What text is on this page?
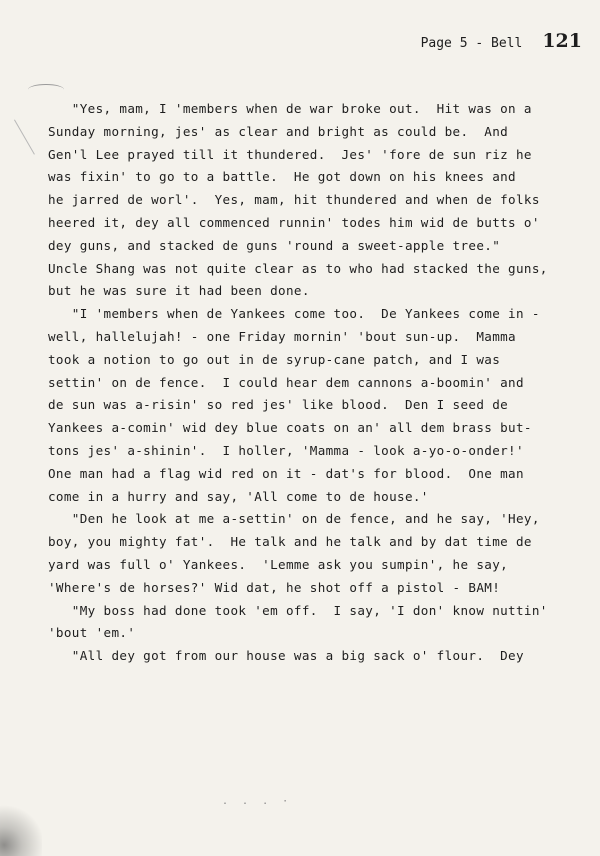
Page 5 - Bell 121
"Yes, mam, I 'members when de war broke out.  Hit was on a
Sunday morning, jes' as clear and bright as could be.  And
Gen'l Lee prayed till it thundered.  Jes' 'fore de sun riz he
was fixin' to go to a battle.  He got down on his knees and
he jarred de worl'.  Yes, mam, hit thundered and when de folks
heered it, dey all commenced runnin' todes him wid de butts o'
dey guns, and stacked de guns 'round a sweet-apple tree."
Uncle Shang was not quite clear as to who had stacked the guns,
but he was sure it had been done.
"I 'members when de Yankees come too.  De Yankees come in -
well, hallelujah! - one Friday mornin' 'bout sun-up.  Mamma
took a notion to go out in de syrup-cane patch, and I was
settin' on de fence.  I could hear dem cannons a-boomin' and
de sun was a-risin' so red jes' like blood.  Den I seed de
Yankees a-comin' wid dey blue coats on an' all dem brass but-
tons jes' a-shinin'.  I holler, 'Mamma - look a-yo-o-onder!'
One man had a flag wid red on it - dat's for blood.  One man
come in a hurry and say, 'All come to de house.'
"Den he look at me a-settin' on de fence, and he say, 'Hey,
boy, you mighty fat'.  He talk and he talk and by dat time de
yard was full o' Yankees.  'Lemme ask you sumpin', he say,
'Where's de horses?' Wid dat, he shot off a pistol - BAM!
"My boss had done took 'em off.  I say, 'I don' know nuttin'
'bout 'em.'
"All dey got from our house was a big sack o' flour.  Dey
. . . ·
